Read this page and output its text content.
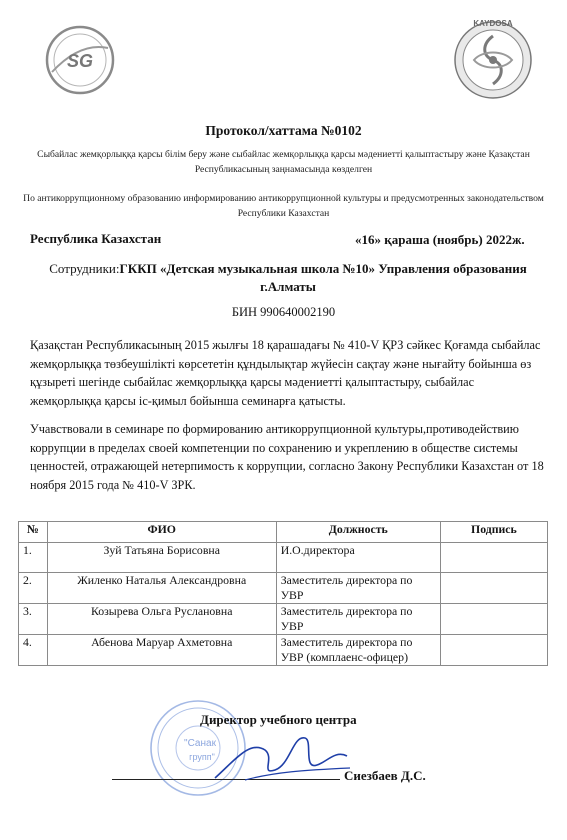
SG
KAYDOSA
Протокол/хаттама №0102
Сыбайлас жемқорлыққа қарсы білім беру және сыбайлас жемқорлыққа қарсы мәдениетті қалыптастыру және Қазақстан Республикасының заңнамасында көзделген
По антикоррупционному образованию информированию антикоррупционной культуры и предусмотренных законодательством Республики Казахстан
Республика Казахстан	«16» қараша (ноябрь) 2022ж.
Сотрудники:ГККП «Детская музыкальная школа №10» Управления образования г.Алматы
БИН 990640002190
Қазақстан Республикасының 2015 жылғы 18 қарашадағы № 410-V ҚРЗ сәйкес Қоғамда сыбайлас жемқорлыққа төзбеушілікті көрсететін құндылықтар жүйесін сақтау және нығайту бойынша өз құзыреті шегінде сыбайлас жемқорлыққа қарсы мәдениетті қалыптастыру, сыбайлас жемқорлыққа қарсы іс-қимыл бойынша семинарға қатысты.
Учавствовали в семинаре по формированию антикоррупционной культуры,противодействию коррупции в пределах своей компетенции по сохранению и укреплению в обществе системы ценностей, отражающей нетерпимость к коррупции, согласно Закону Республики Казахстан от 18 ноября 2015 года № 410-V ЗРК.
№	ФИО	Должность	Подпись
1.	Зуй Татьяна Борисовна	И.О.директора	
2.	Жиленко Наталья Александровна	Заместитель директора по УВР	
3.	Козырева Ольга Руслановна	Заместитель директора по УВР	
4.	Абенова Маруар Ахметовна	Заместитель директора по УВР (комплаенс-офицер)	
"Санак
групп"
Директор учебного центра
Сиезбаев Д.С.
